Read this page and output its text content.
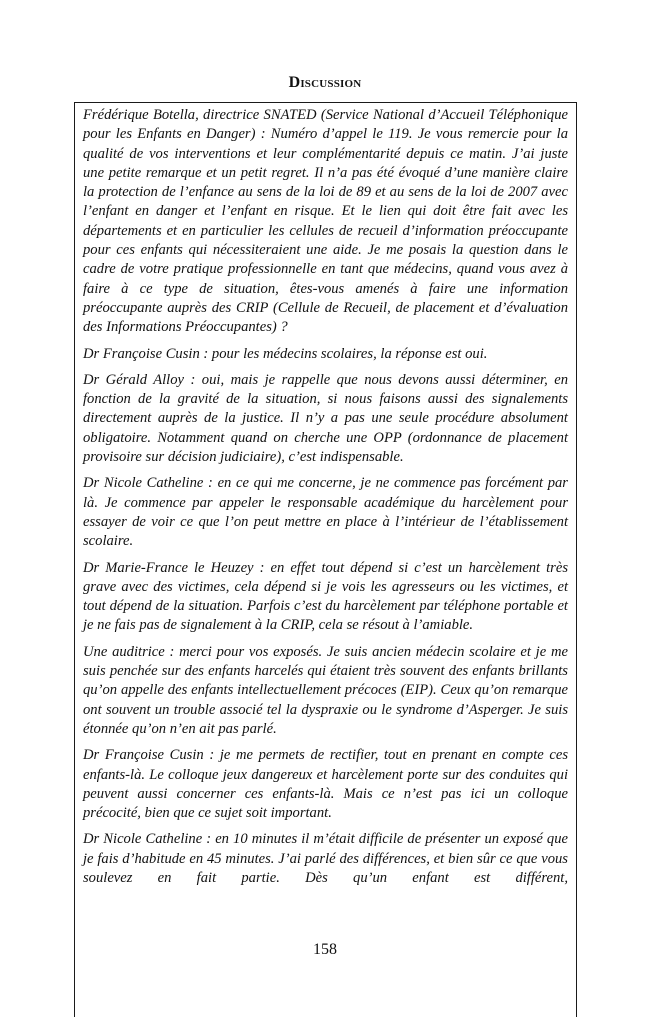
Discussion

Frédérique Botella, directrice SNATED (Service National d’Accueil Téléphonique pour les Enfants en Danger) : Numéro d’appel le 119. Je vous remercie pour la qualité de vos interventions et leur complémentarité depuis ce matin. J’ai juste une petite remarque et un petit regret. Il n’a pas été évoqué d’une manière claire la protection de l’enfance au sens de la loi de 89 et au sens de la loi de 2007 avec l’enfant en danger et l’enfant en risque. Et le lien qui doit être fait avec les départements et en particulier les cellules de recueil d’information préoccupante pour ces enfants qui nécessiteraient une aide. Je me posais la question dans le cadre de votre pratique professionnelle en tant que médecins, quand vous avez à faire à ce type de situation, êtes-vous amenés à faire une information préoccupante auprès des CRIP (Cellule de Recueil, de placement et d’évaluation des Informations Préoccupantes) ?

Dr Françoise Cusin : pour les médecins scolaires, la réponse est oui.

Dr Gérald Alloy : oui, mais je rappelle que nous devons aussi déterminer, en fonction de la gravité de la situation, si nous faisons aussi des signalements directement auprès de la justice. Il n’y a pas une seule procédure absolument obligatoire. Notamment quand on cherche une OPP (ordonnance de placement provisoire sur décision judiciaire), c’est indispensable.

Dr Nicole Catheline : en ce qui me concerne, je ne commence pas forcément par là. Je commence par appeler le responsable académique du harcèlement pour essayer de voir ce que l’on peut mettre en place à l’intérieur de l’établissement scolaire.

Dr Marie-France le Heuzey : en effet tout dépend si c’est un harcèlement très grave avec des victimes, cela dépend si je vois les agresseurs ou les victimes, et tout dépend de la situation. Parfois c’est du harcèlement par téléphone portable et je ne fais pas de signalement à la CRIP, cela se résout à l’amiable.

Une auditrice : merci pour vos exposés. Je suis ancien médecin scolaire et je me suis penchée sur des enfants harcelés qui étaient très souvent des enfants brillants qu’on appelle des enfants intellectuellement précoces (EIP). Ceux qu’on remarque ont souvent un trouble associé tel la dyspraxie ou le syndrome d’Asperger. Je suis étonnée qu’on n’en ait pas parlé.

Dr Françoise Cusin : je me permets de rectifier, tout en prenant en compte ces enfants-là. Le colloque jeux dangereux et harcèlement porte sur des conduites qui peuvent aussi concerner ces enfants-là. Mais ce n’est pas ici un colloque précocité, bien que ce sujet soit important.

Dr Nicole Catheline : en 10 minutes il m’était difficile de présenter un exposé que je fais d’habitude en 45 minutes. J’ai parlé des différences, et bien sûr ce que vous soulevez en fait partie. Dès qu’un enfant est différent,

158
